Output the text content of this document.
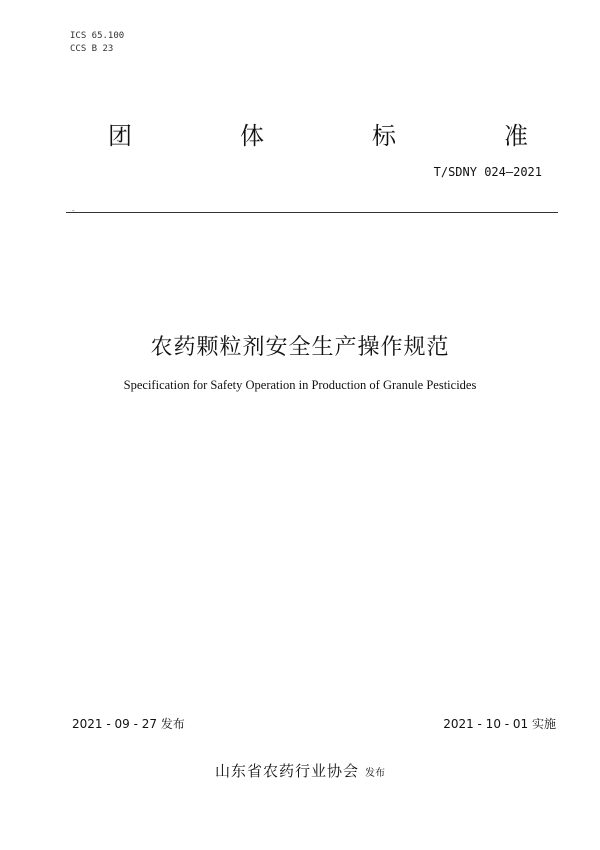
ICS 65.100
CCS B 23
团	体	标	准
T/SDNY 024—2021
-
农药颗粒剂安全生产操作规范
Specification for Safety Operation in Production of Granule Pesticides
2021 - 09 - 27 发布	2021 - 10 - 01 实施
山东省农药行业协会 发布
